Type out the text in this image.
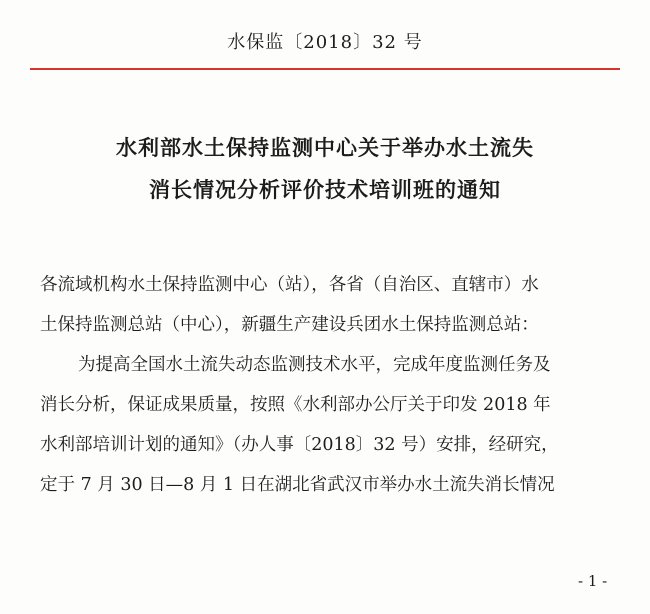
水保监〔2018〕32 号
水利部水土保持监测中心关于举办水土流失
消长情况分析评价技术培训班的通知
各流域机构水土保持监测中心（站），各省（自治区、直辖市）水
土保持监测总站（中心），新疆生产建设兵团水土保持监测总站：
为提高全国水土流失动态监测技术水平，完成年度监测任务及
消长分析，保证成果质量，按照《水利部办公厅关于印发 2018 年
水利部培训计划的通知》（办人事〔2018〕32 号）安排，经研究，
定于 7 月 30 日—8 月 1 日在湖北省武汉市举办水土流失消长情况
- 1 -
